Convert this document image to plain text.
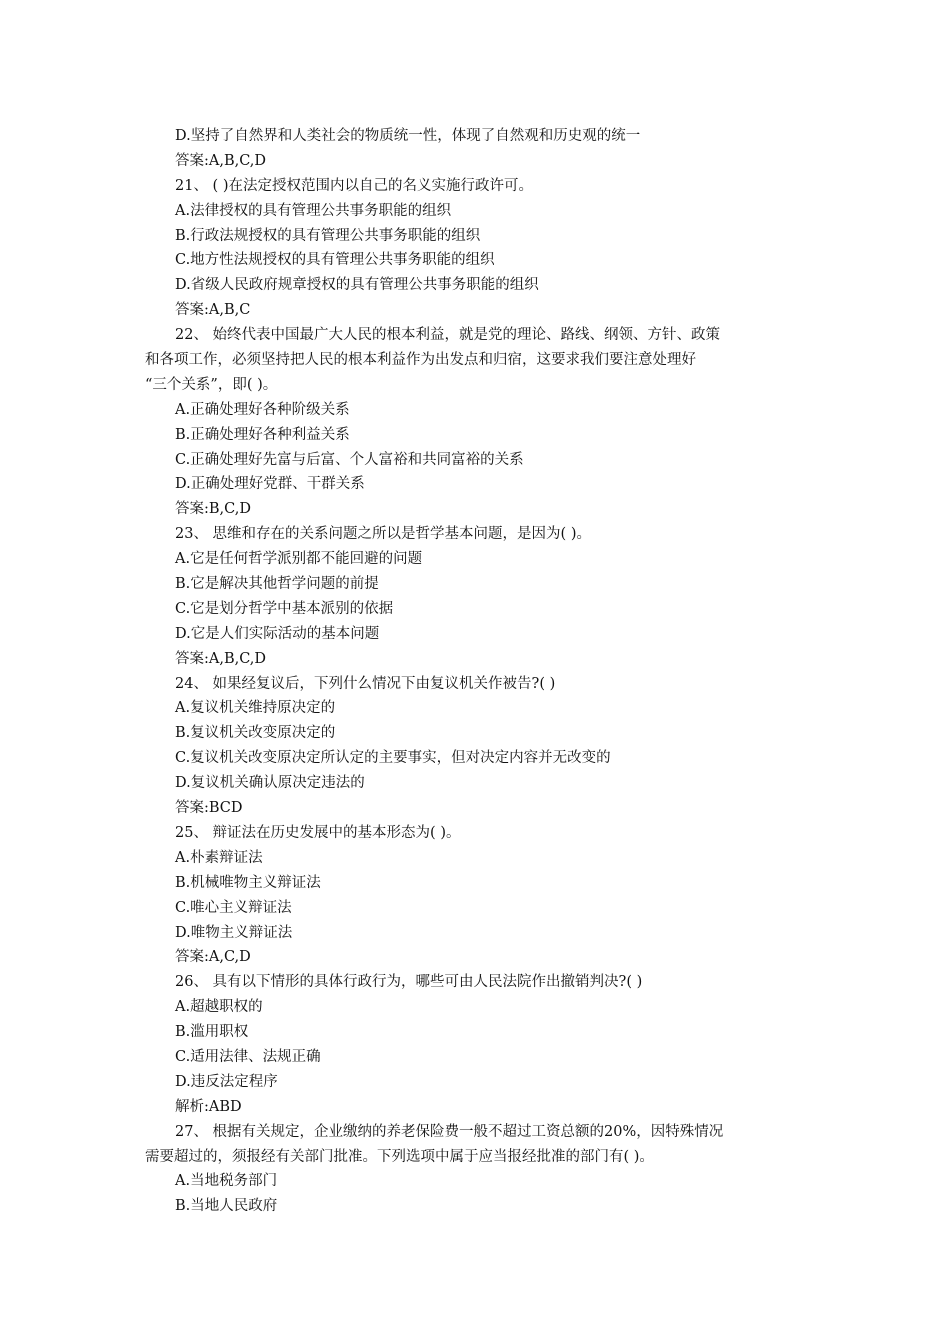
D.坚持了自然界和人类社会的物质统一性，体现了自然观和历史观的统一
答案:A,B,C,D
21、 ( )在法定授权范围内以自己的名义实施行政许可。
A.法律授权的具有管理公共事务职能的组织
B.行政法规授权的具有管理公共事务职能的组织
C.地方性法规授权的具有管理公共事务职能的组织
D.省级人民政府规章授权的具有管理公共事务职能的组织
答案:A,B,C
22、 始终代表中国最广大人民的根本利益，就是党的理论、路线、纲领、方针、政策
和各项工作，必须坚持把人民的根本利益作为出发点和归宿，这要求我们要注意处理好
“三个关系”，即( )。
A.正确处理好各种阶级关系
B.正确处理好各种利益关系
C.正确处理好先富与后富、个人富裕和共同富裕的关系
D.正确处理好党群、干群关系
答案:B,C,D
23、 思维和存在的关系问题之所以是哲学基本问题，是因为( )。
A.它是任何哲学派别都不能回避的问题
B.它是解决其他哲学问题的前提
C.它是划分哲学中基本派别的依据
D.它是人们实际活动的基本问题
答案:A,B,C,D
24、 如果经复议后，下列什么情况下由复议机关作被告?( )
A.复议机关维持原决定的
B.复议机关改变原决定的
C.复议机关改变原决定所认定的主要事实，但对决定内容并无改变的
D.复议机关确认原决定违法的
答案:BCD
25、 辩证法在历史发展中的基本形态为( )。
A.朴素辩证法
B.机械唯物主义辩证法
C.唯心主义辩证法
D.唯物主义辩证法
答案:A,C,D
26、 具有以下情形的具体行政行为，哪些可由人民法院作出撤销判决?( )
A.超越职权的
B.滥用职权
C.适用法律、法规正确
D.违反法定程序
解析:ABD
27、 根据有关规定，企业缴纳的养老保险费一般不超过工资总额的20%，因特殊情况
需要超过的，须报经有关部门批准。下列选项中属于应当报经批准的部门有( )。
A.当地税务部门
B.当地人民政府
